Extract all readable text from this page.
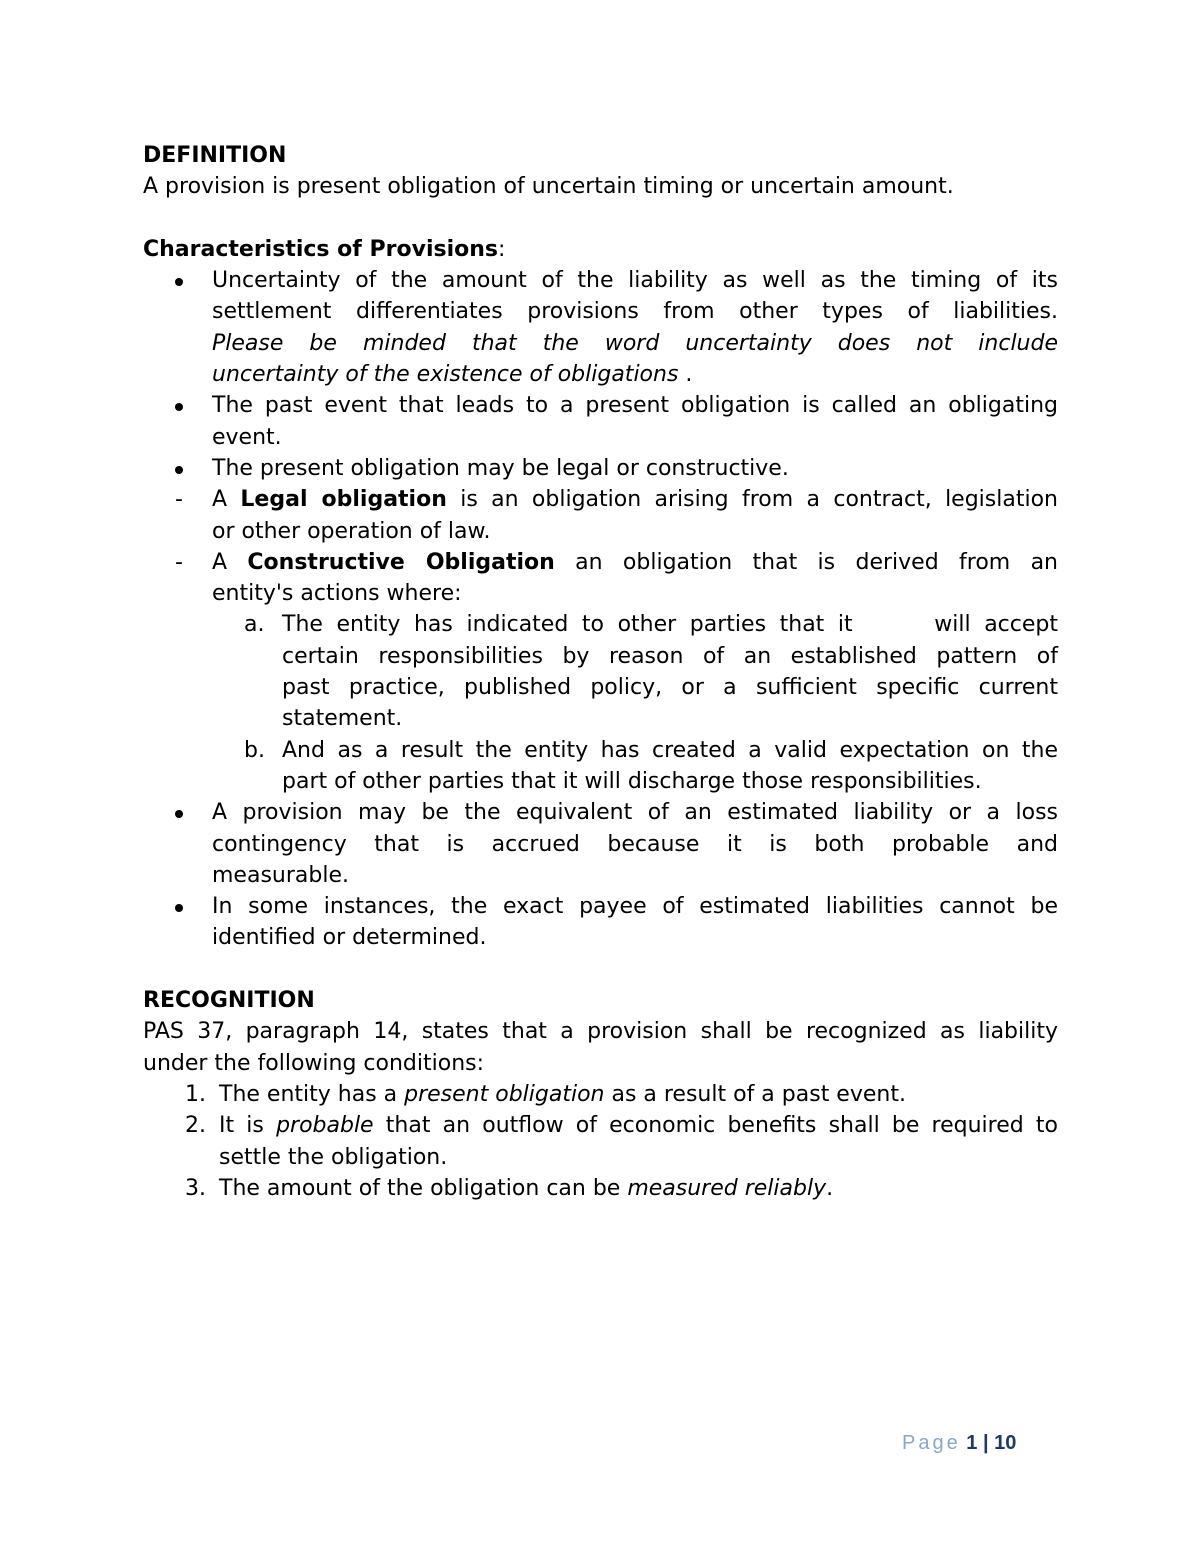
DEFINITION
A provision is present obligation of uncertain timing or uncertain amount.
Characteristics of Provisions:
Uncertainty of the amount of the liability as well as the timing of its
settlement differentiates provisions from other types of liabilities.
Please be minded that the word uncertainty does not include
uncertainty of the existence of obligations .
The past event that leads to a present obligation is called an obligating
event.
The present obligation may be legal or constructive.
- A Legal obligation is an obligation arising from a contract, legislation
or other operation of law.
- A Constructive Obligation an obligation that is derived from an
entity's actions where:
a. The entity has indicated to other parties that it      will accept
certain responsibilities by reason of an established pattern of
past practice, published policy, or a sufficient specific current
statement.
b. And as a result the entity has created a valid expectation on the
part of other parties that it will discharge those responsibilities.
A provision may be the equivalent of an estimated liability or a loss
contingency that is accrued because it is both probable and
measurable.
In some instances, the exact payee of estimated liabilities cannot be
identified or determined.
RECOGNITION
PAS 37, paragraph 14, states that a provision shall be recognized as liability
under the following conditions:
1. The entity has a present obligation as a result of a past event.
2. It is probable that an outflow of economic benefits shall be required to
settle the obligation.
3. The amount of the obligation can be measured reliably.
Page 1 | 10
